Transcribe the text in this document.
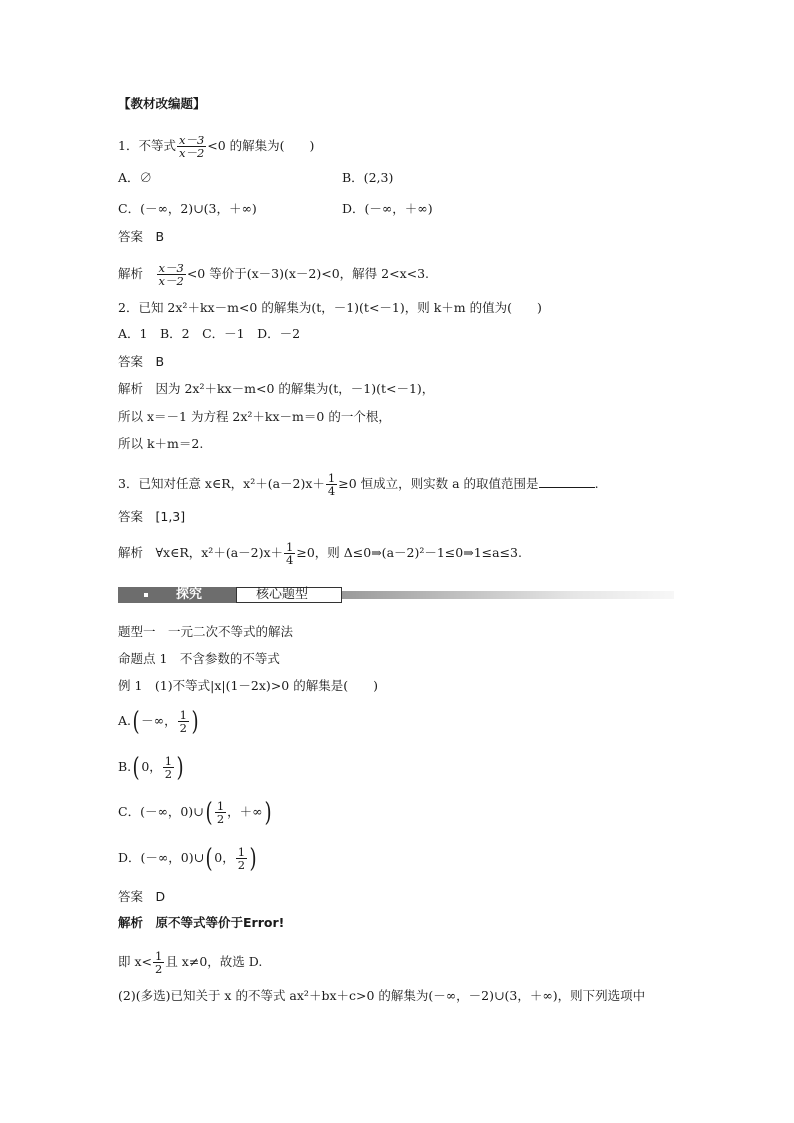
【教材改编题】
1．不等式 $\frac{x-3}{x-2} <0$ 的解集为(　　)
A．∅	B．(2,3)
C．(－∞，2)∪(3，＋∞)	D．(－∞，＋∞)
答案　B
解析　 $\frac{x-3}{x-2} <0$ 等价于(x－3)(x－2)<0，解得 2<x<3.
2．已知 2x²＋kx－m<0 的解集为(t，－1)(t<－1)，则 k＋m 的值为(　　)
A．1　B．2　C．－1　D．－2
答案　B
解析　因为 2x²＋kx－m<0 的解集为(t，－1)(t<－1)，
所以 x＝－1 为方程 2x²＋kx－m＝0 的一个根，
所以 k＋m＝2.
3．已知对任意 x∈R，$x^2+(a-2)x+ \frac{1}{4} \ge 0$ 恒成立，则实数 a 的取值范围是	.
答案　[1,3]
解析　∀x∈R，$x^2+(a-2)x+ \frac{1}{4} \ge 0$，则 Δ≤0⇒(a－2)²－1≤0⇒1≤a≤3.
探究	核心题型
题型一　一元二次不等式的解法
命题点 1　不含参数的不等式
例 1　(1)不等式|x|(1－2x)>0 的解集是(　　)
A.( －∞， $\frac{1}{2}$ )
B.( 0， $\frac{1}{2}$ )
C．(－∞，0)∪( $\frac{1}{2}$ ，＋∞)
D．(－∞，0)∪( 0， $\frac{1}{2}$ )
答案　D
解析　原不等式等价于Error!
即 $x< \frac{1}{2}$ 且 x≠0，故选 D.
(2)(多选)已知关于 x 的不等式 ax²＋bx＋c>0 的解集为(－∞，－2)∪(3，＋∞)，则下列选项中
